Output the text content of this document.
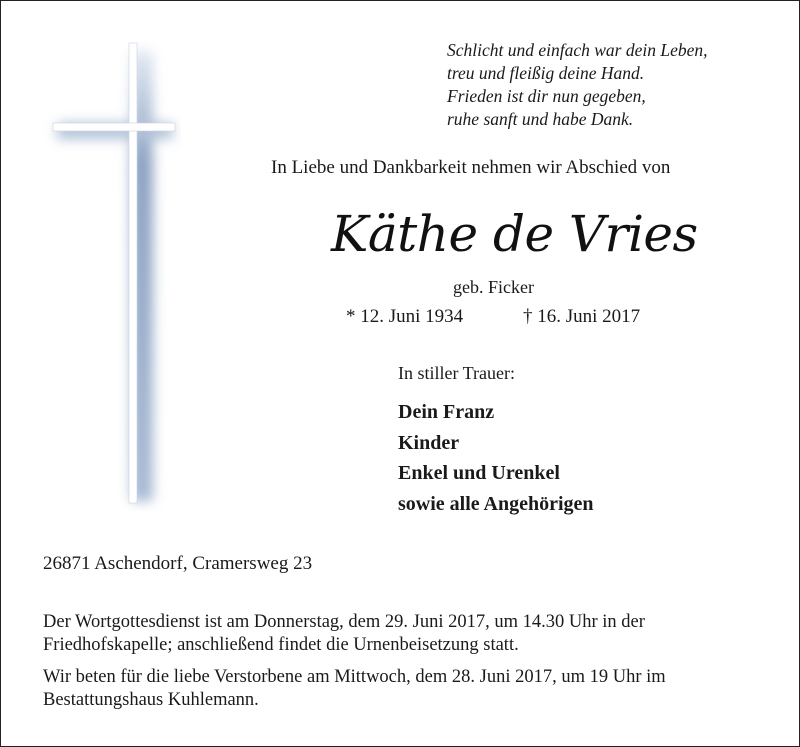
Schlicht und einfach war dein Leben,
treu und fleißig deine Hand.
Frieden ist dir nun gegeben,
ruhe sanft und habe Dank.
In Liebe und Dankbarkeit nehmen wir Abschied von
Käthe de Vries
geb. Ficker
* 12. Juni 1934	† 16. Juni 2017
In stiller Trauer:
Dein Franz
Kinder
Enkel und Urenkel
sowie alle Angehörigen
26871 Aschendorf, Cramersweg 23
Der Wortgottesdienst ist am Donnerstag, dem 29. Juni 2017, um 14.30 Uhr in der Friedhofskapelle; anschließend findet die Urnenbeisetzung statt.
Wir beten für die liebe Verstorbene am Mittwoch, dem 28. Juni 2017, um 19 Uhr im Bestattungshaus Kuhlemann.
